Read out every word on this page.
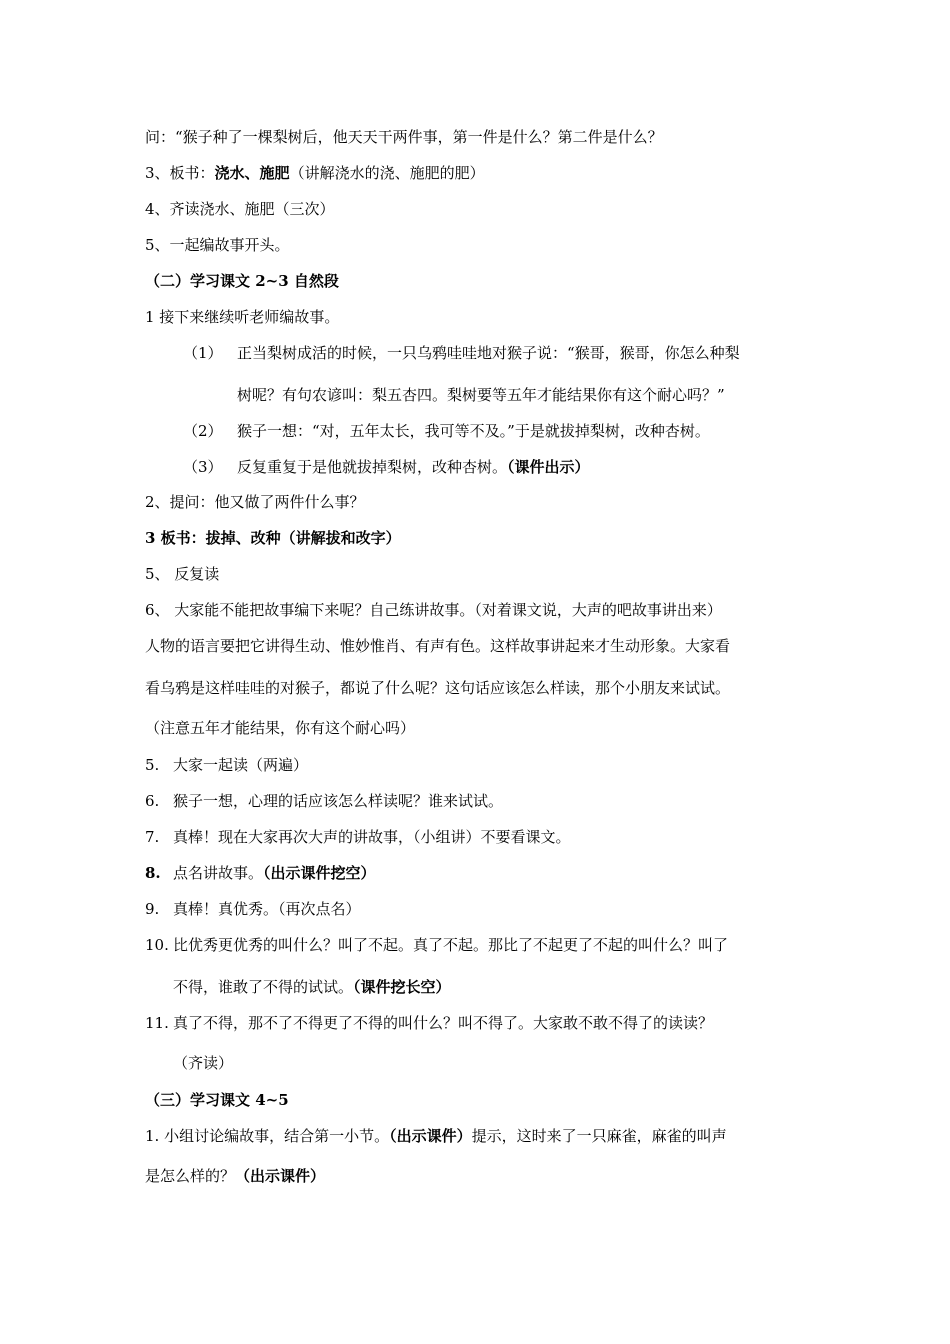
问：“猴子种了一棵梨树后，他天天干两件事，第一件是什么？第二件是什么？
3、板书：浇水、施肥（讲解浇水的浇、施肥的肥）
4、齐读浇水、施肥（三次）
5、一起编故事开头。
（二）学习课文 2~3 自然段
1 接下来继续听老师编故事。
（1） 正当梨树成活的时候，一只乌鸦哇哇地对猴子说：“猴哥，猴哥，你怎么种梨
树呢？有句农谚叫：梨五杏四。梨树要等五年才能结果你有这个耐心吗？”
（2） 猴子一想：“对，五年太长，我可等不及。”于是就拔掉梨树，改种杏树。
（3） 反复重复于是他就拔掉梨树，改种杏树。（课件出示）
2、提问：他又做了两件什么事？
3 板书：拔掉、改种（讲解拔和改字）
5、 反复读
6、 大家能不能把故事编下来呢？自己练讲故事。（对着课文说，大声的吧故事讲出来）
人物的语言要把它讲得生动、惟妙惟肖、有声有色。这样故事讲起来才生动形象。大家看
看乌鸦是这样哇哇的对猴子，都说了什么呢？这句话应该怎么样读，那个小朋友来试试。
（注意五年才能结果，你有这个耐心吗）
5. 大家一起读（两遍）
6. 猴子一想，心理的话应该怎么样读呢？谁来试试。
7. 真棒！现在大家再次大声的讲故事，（小组讲）不要看课文。
8. 点名讲故事。（出示课件挖空）
9. 真棒！真优秀。（再次点名）
10. 比优秀更优秀的叫什么？叫了不起。真了不起。那比了不起更了不起的叫什么？叫了
不得，谁敢了不得的试试。（课件挖长空）
11. 真了不得，那不了不得更了不得的叫什么？叫不得了。大家敢不敢不得了的读读？
（齐读）
（三）学习课文 4~5
1. 小组讨论编故事，结合第一小节。（出示课件）提示，这时来了一只麻雀，麻雀的叫声
是怎么样的？（出示课件）
